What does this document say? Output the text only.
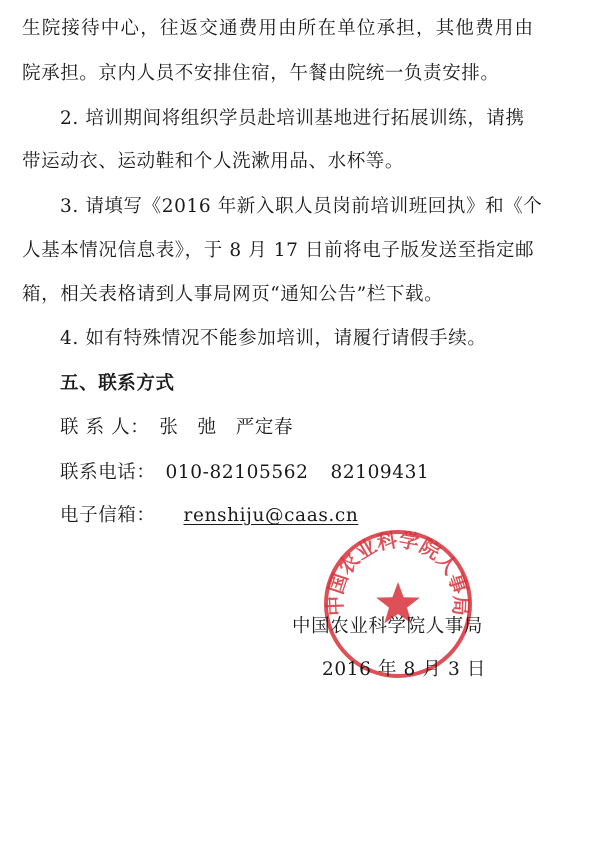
生院接待中心，往返交通费用由所在单位承担，其他费用由
院承担。京内人员不安排住宿，午餐由院统一负责安排。
2. 培训期间将组织学员赴培训基地进行拓展训练，请携
带运动衣、运动鞋和个人洗漱用品、水杯等。
3. 请填写《2016 年新入职人员岗前培训班回执》和《个
人基本情况信息表》，于 8 月 17 日前将电子版发送至指定邮
箱，相关表格请到人事局网页“通知公告”栏下载。
4. 如有特殊情况不能参加培训，请履行请假手续。
五、联系方式
联 系 人： 张　弛　严定春
联系电话： 010-82105562 82109431
电子信箱： renshiju@caas.cn
中国农业科学院人事局
中国农业科学院人事局
2016 年 8 月 3 日
